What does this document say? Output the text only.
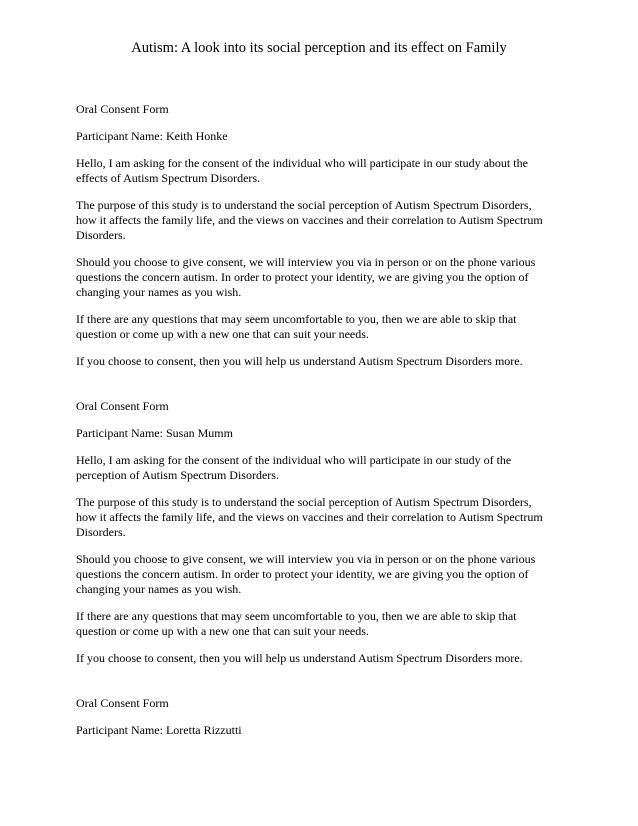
Autism: A look into its social perception and its effect on Family
Oral Consent Form
Participant Name: Keith Honke
Hello, I am asking for the consent of the individual who will participate in our study about the
effects of Autism Spectrum Disorders.
The purpose of this study is to understand the social perception of Autism Spectrum Disorders,
how it affects the family life, and the views on vaccines and their correlation to Autism Spectrum
Disorders.
Should you choose to give consent, we will interview you via in person or on the phone various
questions the concern autism. In order to protect your identity, we are giving you the option of
changing your names as you wish.
If there are any questions that may seem uncomfortable to you, then we are able to skip that
question or come up with a new one that can suit your needs.
If you choose to consent, then you will help us understand Autism Spectrum Disorders more.
Oral Consent Form
Participant Name: Susan Mumm
Hello, I am asking for the consent of the individual who will participate in our study of the
perception of Autism Spectrum Disorders.
The purpose of this study is to understand the social perception of Autism Spectrum Disorders,
how it affects the family life, and the views on vaccines and their correlation to Autism Spectrum
Disorders.
Should you choose to give consent, we will interview you via in person or on the phone various
questions the concern autism. In order to protect your identity, we are giving you the option of
changing your names as you wish.
If there are any questions that may seem uncomfortable to you, then we are able to skip that
question or come up with a new one that can suit your needs.
If you choose to consent, then you will help us understand Autism Spectrum Disorders more.
Oral Consent Form
Participant Name: Loretta Rizzutti
